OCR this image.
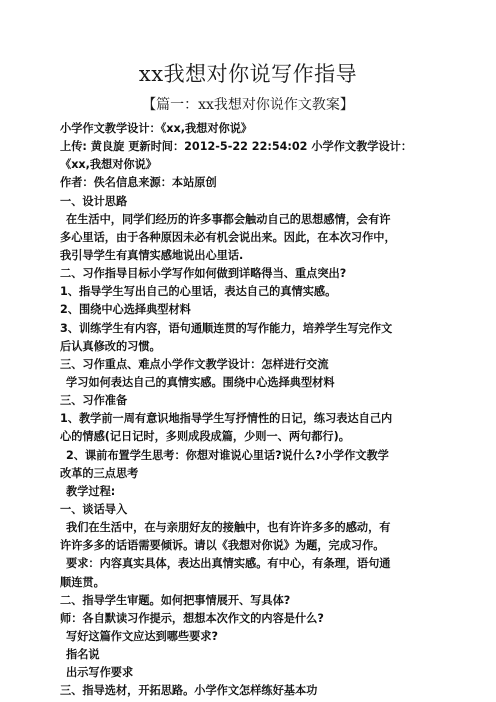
xx我想对你说写作指导
【篇一：xx我想对你说作文教案】
小学作文教学设计：《xx,我想对你说》
上传: 黄良旋 更新时间：2012-5-22 22:54:02 小学作文教学设计：
《xx,我想对你说》
作者：佚名信息来源：本站原创
一、设计思路
在生活中，同学们经历的许多事都会触动自己的思想感情，会有许
多心里话，由于各种原因未必有机会说出来。因此，在本次习作中，
我引导学生有真情实感地说出心里话.
二、习作指导目标小学写作如何做到详略得当、重点突出?
1、指导学生写出自己的心里话，表达自己的真情实感。
2、围绕中心选择典型材料
3、训练学生有内容，语句通顺连贯的写作能力，培养学生写完作文
后认真修改的习惯。
三、习作重点、难点小学作文教学设计：怎样进行交流
学习如何表达自己的真情实感。围绕中心选择典型材料
三、习作准备
1、教学前一周有意识地指导学生写抒情性的日记，练习表达自己内
心的情感(记日记时，多则成段成篇，少则一、两句都行)。
2、课前布置学生思考：你想对谁说心里话?说什么?小学作文教学
改革的三点思考
教学过程:
一、谈话导入
我们在生活中，在与亲朋好友的接触中，也有许许多多的感动，有
许许多多的话语需要倾诉。请以《我想对你说》为题，完成习作。
要求：内容真实具体，表达出真情实感。有中心，有条理，语句通
顺连贯。
二、指导学生审题。如何把事情展开、写具体?
师：各自默读习作提示，想想本次作文的内容是什么?
写好这篇作文应达到哪些要求?
指名说
出示写作要求
三、指导选材，开拓思路。小学作文怎样练好基本功
